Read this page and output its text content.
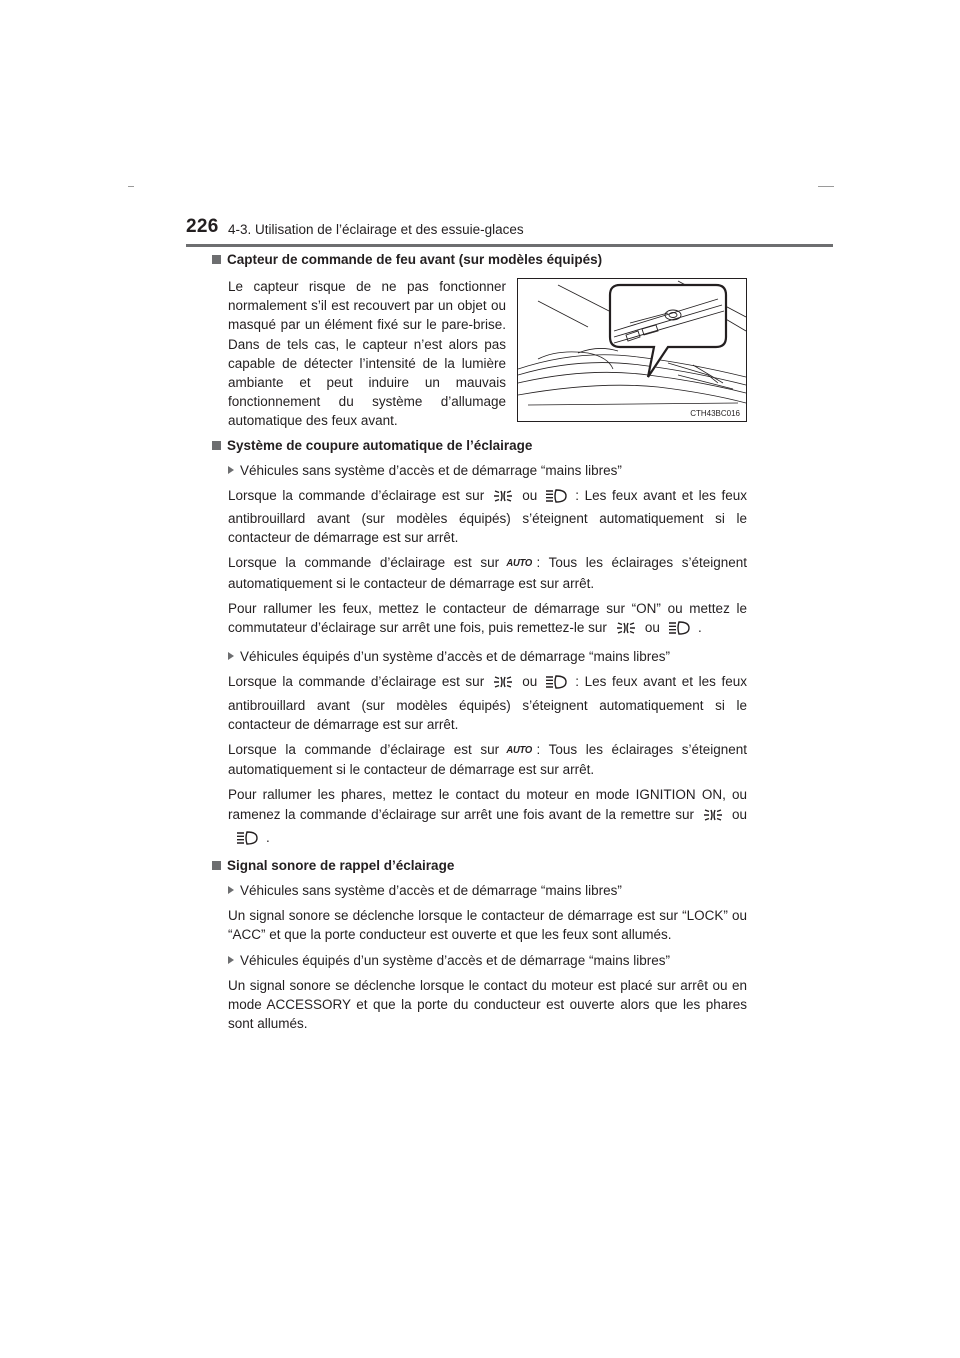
226 4-3. Utilisation de l’éclairage et des essuie-glaces
Capteur de commande de feu avant (sur modèles équipés)

Le capteur risque de ne pas fonctionner normalement s’il est recouvert par un objet ou masqué par un élément fixé sur le pare-brise. Dans de tels cas, le capteur n’est alors pas capable de détecter l’intensité de la lumière ambiante et peut induire un mauvais fonctionnement du système d’allumage automatique des feux avant.	CTH43BC016
Système de coupure automatique de l’éclairage
Véhicules sans système d’accès et de démarrage “mains libres”

Lorsque la commande d’éclairage est sur	ou	: Les feux avant et les feux antibrouillard avant (sur modèles équipés) s’éteignent automatiquement si le contacteur de démarrage est sur arrêt.

Lorsque la commande d’éclairage est sur AUTO : Tous les éclairages s’éteignent automatiquement si le contacteur de démarrage est sur arrêt.

Pour rallumer les feux, mettez le contacteur de démarrage sur “ON” ou mettez le commutateur d’éclairage sur arrêt une fois, puis remettez-le sur	ou	.

Véhicules équipés d’un système d’accès et de démarrage “mains libres”

Lorsque la commande d’éclairage est sur	ou	: Les feux avant et les feux antibrouillard avant (sur modèles équipés) s’éteignent automatiquement si le contacteur de démarrage est sur arrêt.

Lorsque la commande d’éclairage est sur AUTO : Tous les éclairages s’éteignent automatiquement si le contacteur de démarrage est sur arrêt.

Pour rallumer les phares, mettez le contact du moteur en mode IGNITION ON, ou ramenez la commande d’éclairage sur arrêt une fois avant de la remettre sur	ou.

Signal sonore de rappel d’éclairage
Véhicules sans système d’accès et de démarrage “mains libres”

Un signal sonore se déclenche lorsque le contacteur de démarrage est sur “LOCK” ou “ACC” et que la porte conducteur est ouverte et que les feux sont allumés.

Véhicules équipés d’un système d’accès et de démarrage “mains libres”

Un signal sonore se déclenche lorsque le contact du moteur est placé sur arrêt ou en mode ACCESSORY et que la porte du conducteur est ouverte alors que les phares sont allumés.
